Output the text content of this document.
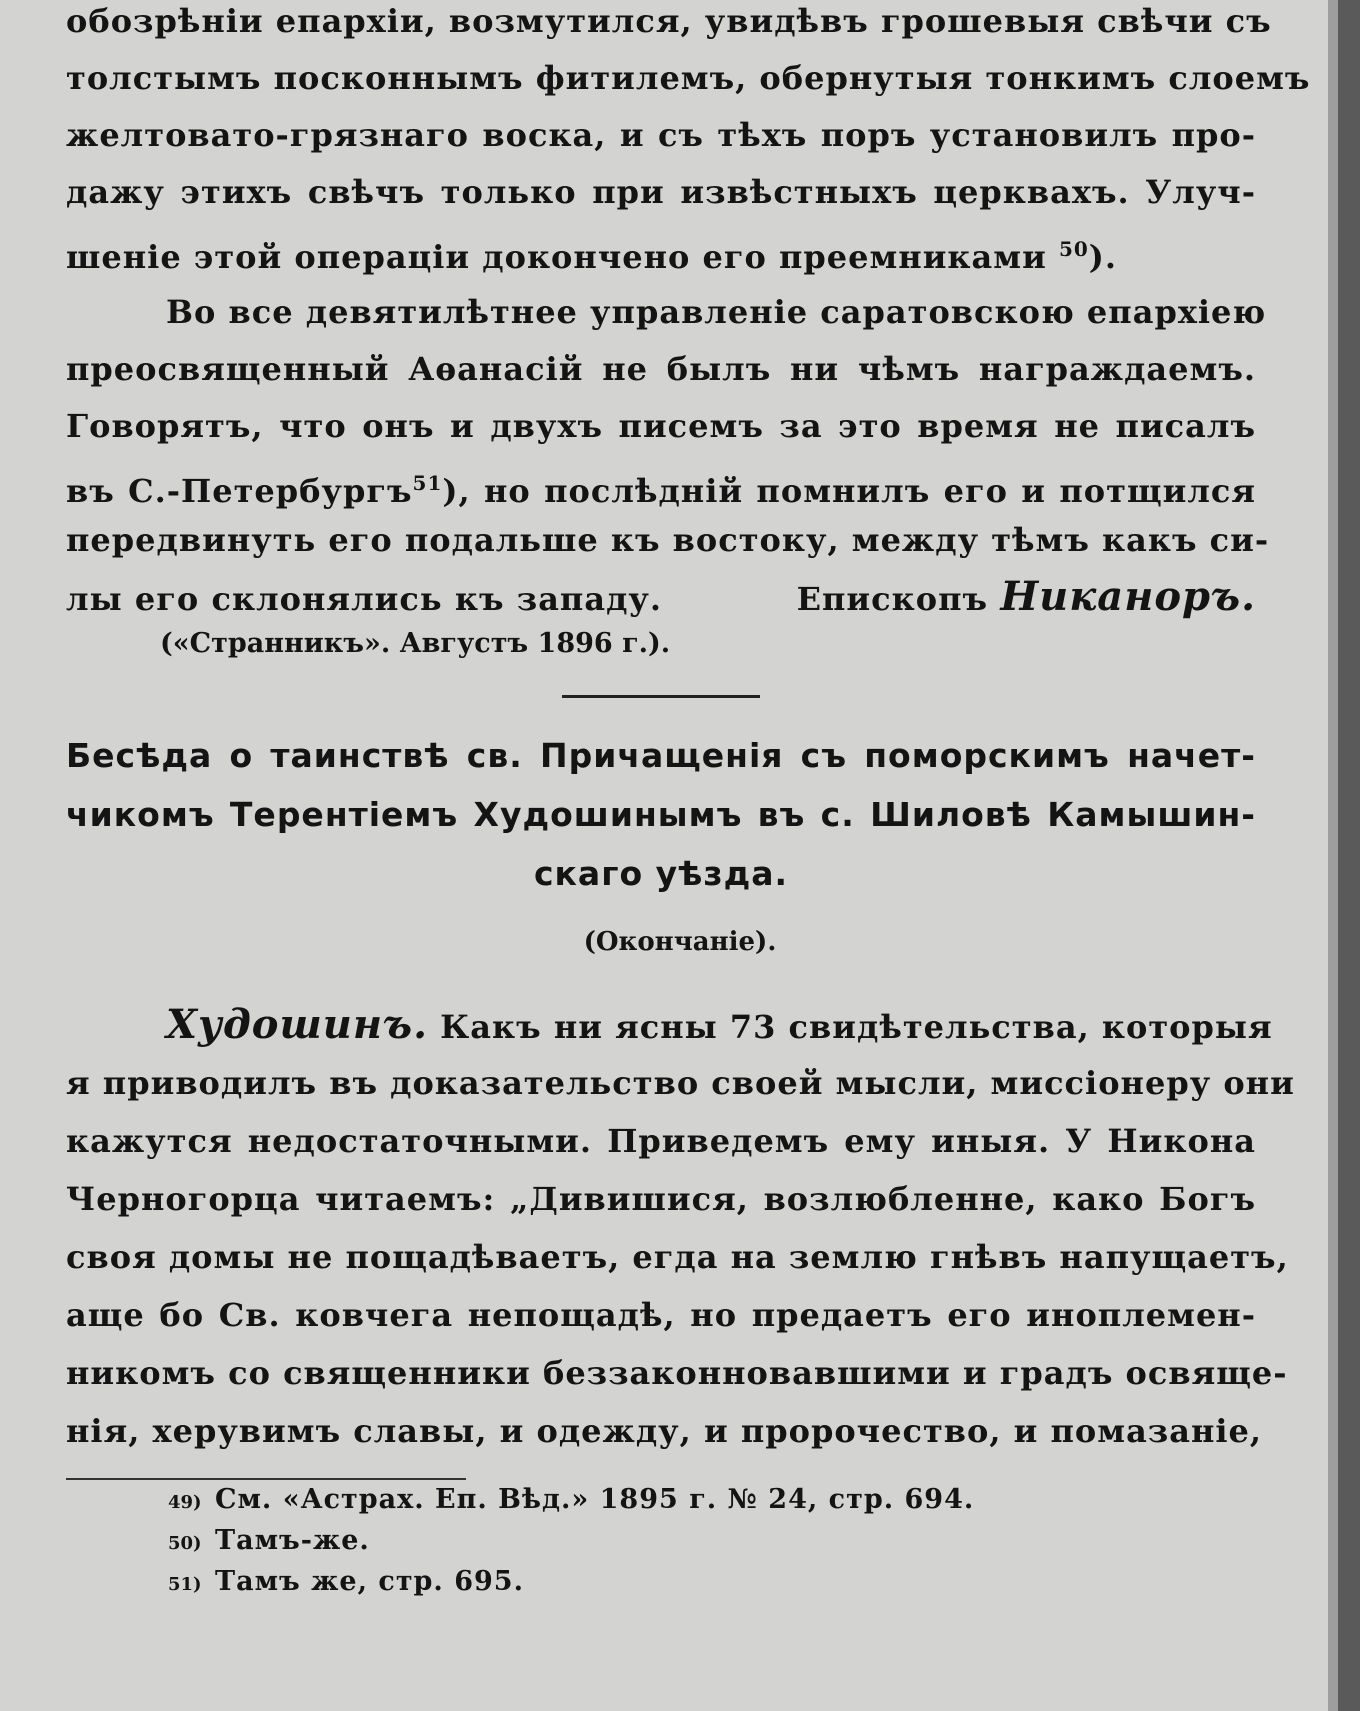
обозрѣніи епархіи, возмутился, увидѣвъ грошевыя свѣчи съ
толстымъ посконнымъ фитилемъ, обернутыя тонкимъ слоемъ
желтовато-грязнаго воска, и съ тѣхъ поръ установилъ про-
дажу этихъ свѣчъ только при извѣстныхъ церквахъ. Улуч-
шеніе этой операціи докончено его преемниками $^{50}$).
Во все девятилѣтнее управленіе саратовскою епархіею
преосвященный Аѳанасій не былъ ни чѣмъ награждаемъ.
Говорятъ, что онъ и двухъ писемъ за это время не писалъ
въ С.-Петербургъ$^{51}$), но послѣдній помнилъ его и потщился
передвинуть его подальше къ востоку, между тѣмъ какъ си-
лы его склонялись къ западу.	Епископъ Никаноръ.
(«Странникъ». Августъ 1896 г.).
Бесѣда о таинствѣ св. Причащенія съ поморскимъ начет-
чикомъ Терентіемъ Худошинымъ въ с. Шиловѣ Камышин-
скаго уѣзда.
(Окончаніе).
Худошинъ. Какъ ни ясны 73 свидѣтельства, которыя
я приводилъ въ доказательство своей мысли, миссіонеру они
кажутся недостаточными. Приведемъ ему иныя. У Никона
Черногорца читаемъ: „Дивишися, возлюбленне, како Богъ
своя домы не пощадѣваетъ, егда на землю гнѣвъ напущаетъ,
аще бо Св. ковчега непощадѣ, но предаетъ его иноплемен-
никомъ со священники беззаконновавшими и градъ освяще-
нія, херувимъ славы, и одежду, и пророчество, и помазаніе,
49) См. «Астрах. Еп. Вѣд.» 1895 г. № 24, стр. 694.
50) Тамъ-же.
51) Тамъ же, стр. 695.
